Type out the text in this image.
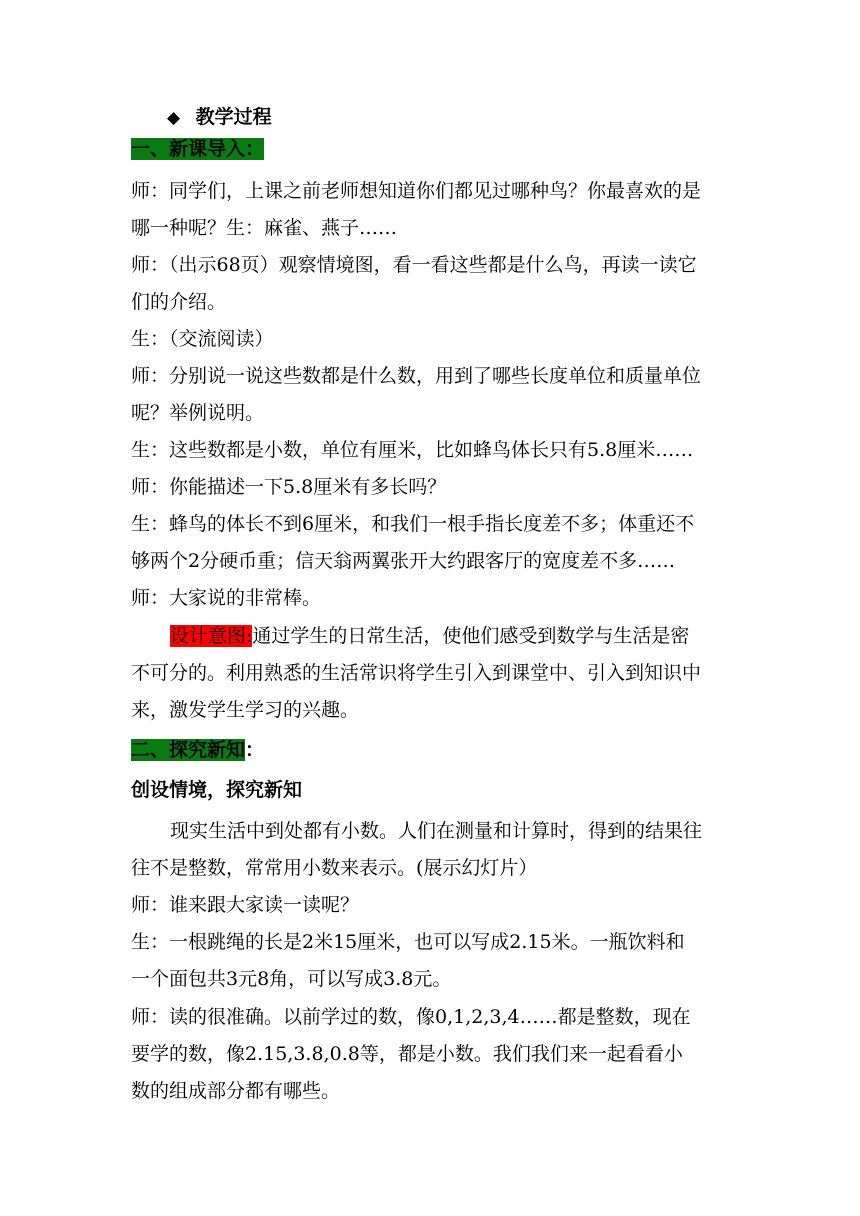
◆ 教学过程

一、新课导入：

师：同学们，上课之前老师想知道你们都见过哪种鸟？你最喜欢的是

哪一种呢？生：麻雀、燕子……

师：（出示68页）观察情境图，看一看这些都是什么鸟，再读一读它

们的介绍。

生：（交流阅读）

师：分别说一说这些数都是什么数，用到了哪些长度单位和质量单位

呢？举例说明。

生：这些数都是小数，单位有厘米，比如蜂鸟体长只有5.8厘米……

师：你能描述一下5.8厘米有多长吗？

生：蜂鸟的体长不到6厘米，和我们一根手指长度差不多；体重还不

够两个2分硬币重；信天翁两翼张开大约跟客厅的宽度差不多……

师：大家说的非常棒。

设计意图:通过学生的日常生活，使他们感受到数学与生活是密

不可分的。利用熟悉的生活常识将学生引入到课堂中、引入到知识中

来，激发学生学习的兴趣。

二、探究新知：

创设情境，探究新知

现实生活中到处都有小数。人们在测量和计算时，得到的结果往

往不是整数，常常用小数来表示。(展示幻灯片）

师：谁来跟大家读一读呢？

生：一根跳绳的长是2米15厘米，也可以写成2.15米。一瓶饮料和

一个面包共3元8角，可以写成3.8元。

师：读的很准确。以前学过的数，像0,1,2,3,4……都是整数，现在

要学的数，像2.15,3.8,0.8等，都是小数。我们我们来一起看看小

数的组成部分都有哪些。
